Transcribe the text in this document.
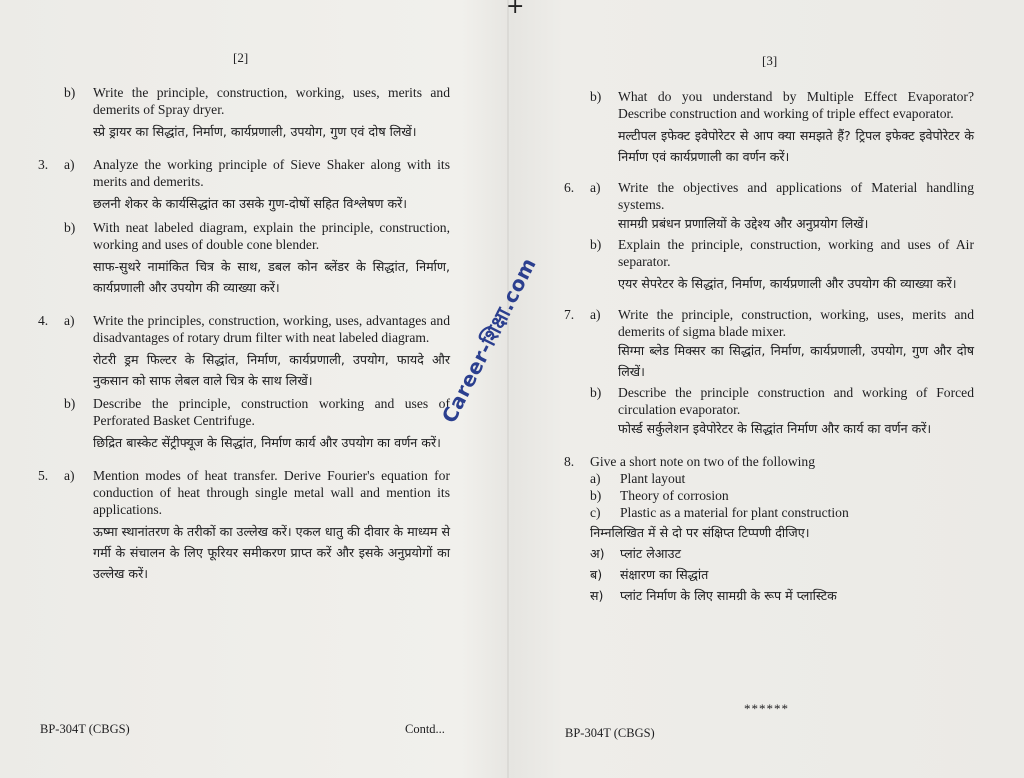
+
[2]
b) Write the principle, construction, working, uses, merits and demerits of Spray dryer.
स्प्रे ड्रायर का सिद्धांत, निर्माण, कार्यप्रणाली, उपयोग, गुण एवं दोष लिखें।
3. a) Analyze the working principle of Sieve Shaker along with its merits and demerits.
छलनी शेकर के कार्यसिद्धांत का उसके गुण-दोषों सहित विश्लेषण करें।
b) With neat labeled diagram, explain the principle, construction, working and uses of double cone blender.
साफ-सुथरे नामांकित चित्र के साथ, डबल कोन ब्लेंडर के सिद्धांत, निर्माण, कार्यप्रणाली और उपयोग की व्याख्या करें।
4. a) Write the principles, construction, working, uses, advantages and disadvantages of rotary drum filter with neat labeled diagram.
रोटरी ड्रम फिल्टर के सिद्धांत, निर्माण, कार्यप्रणाली, उपयोग, फायदे और नुकसान को साफ लेबल वाले चित्र के साथ लिखें।
b) Describe the principle, construction working and uses of Perforated Basket Centrifuge.
छिद्रित बास्केट सेंट्रीफ्यूज के सिद्धांत, निर्माण कार्य और उपयोग का वर्णन करें।
5. a) Mention modes of heat transfer. Derive Fourier's equation for conduction of heat through single metal wall and mention its applications.
ऊष्मा स्थानांतरण के तरीकों का उल्लेख करें। एकल धातु की दीवार के माध्यम से गर्मी के संचालन के लिए फूरियर समीकरण प्राप्त करें और इसके अनुप्रयोगों का उल्लेख करें।
BP-304T (CBGS)	Contd...
[3]
b) What do you understand by Multiple Effect Evaporator? Describe construction and working of triple effect evaporator.
मल्टीपल इफेक्ट इवेपोरेटर से आप क्या समझते हैं? ट्रिपल इफेक्ट इवेपोरेटर के निर्माण एवं कार्यप्रणाली का वर्णन करें।
6. a) Write the objectives and applications of Material handling systems.
सामग्री प्रबंधन प्रणालियों के उद्देश्य और अनुप्रयोग लिखें।
b) Explain the principle, construction, working and uses of Air separator.
एयर सेपरेटर के सिद्धांत, निर्माण, कार्यप्रणाली और उपयोग की व्याख्या करें।
7. a) Write the principle, construction, working, uses, merits and demerits of sigma blade mixer.
सिग्मा ब्लेड मिक्सर का सिद्धांत, निर्माण, कार्यप्रणाली, उपयोग, गुण और दोष लिखें।
b) Describe the principle construction and working of Forced circulation evaporator.
फोर्स्ड सर्कुलेशन इवेपोरेटर के सिद्धांत निर्माण और कार्य का वर्णन करें।
8. Give a short note on two of the following
a)	Plant layout
b)	Theory of corrosion
c)	Plastic as a material for plant construction
निम्नलिखित में से दो पर संक्षिप्त टिप्पणी दीजिए।
अ) प्लांट लेआउट
ब)	संक्षारण का सिद्धांत
स)	प्लांट निर्माण के लिए सामग्री के रूप में प्लास्टिक
******
BP-304T (CBGS)
Career-शिक्षा.com
